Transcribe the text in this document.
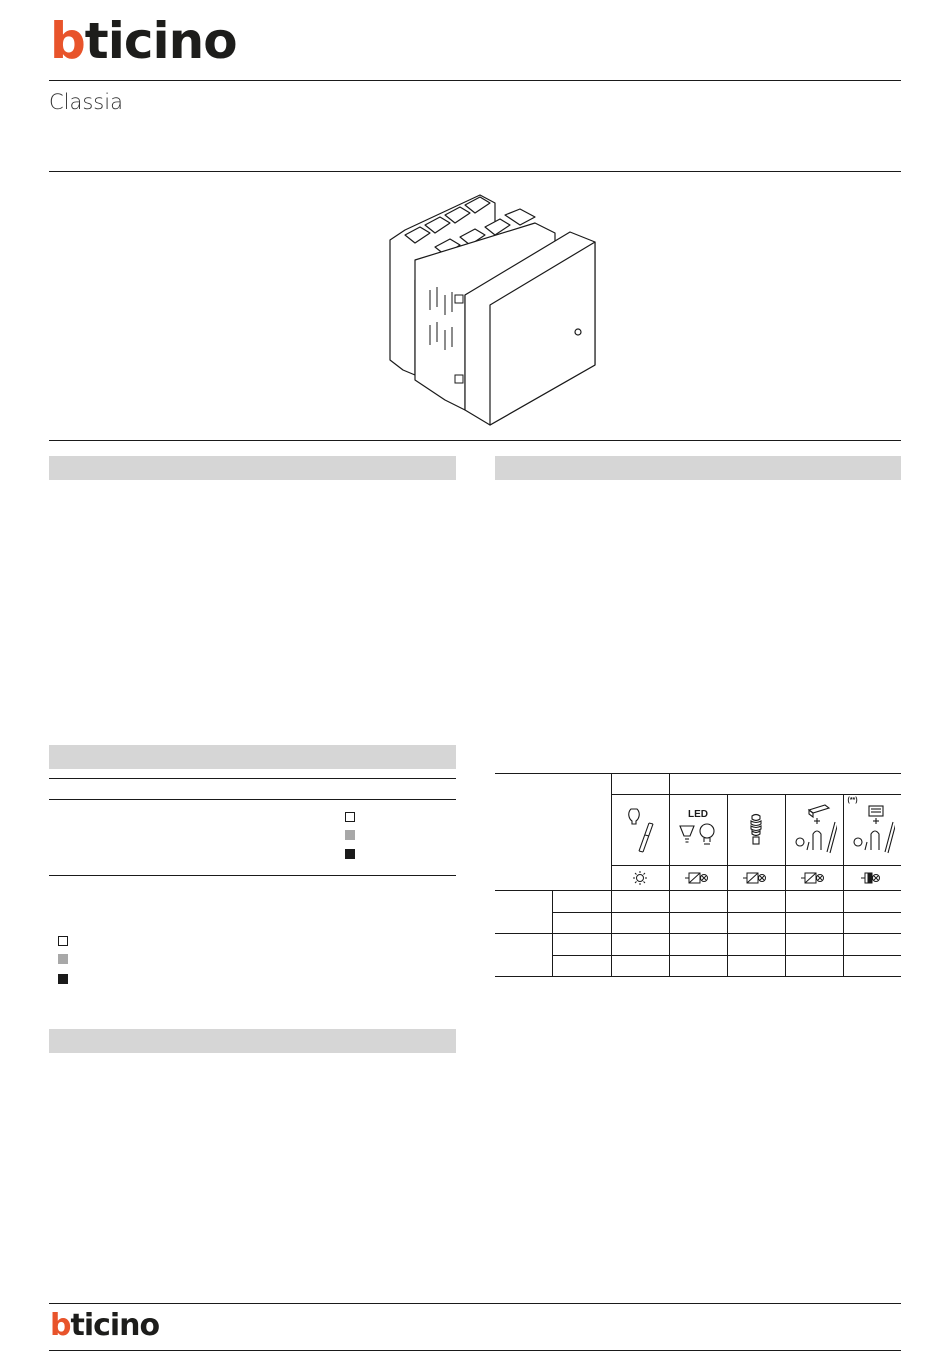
bticino
Classia

LED			(**)

bticino
